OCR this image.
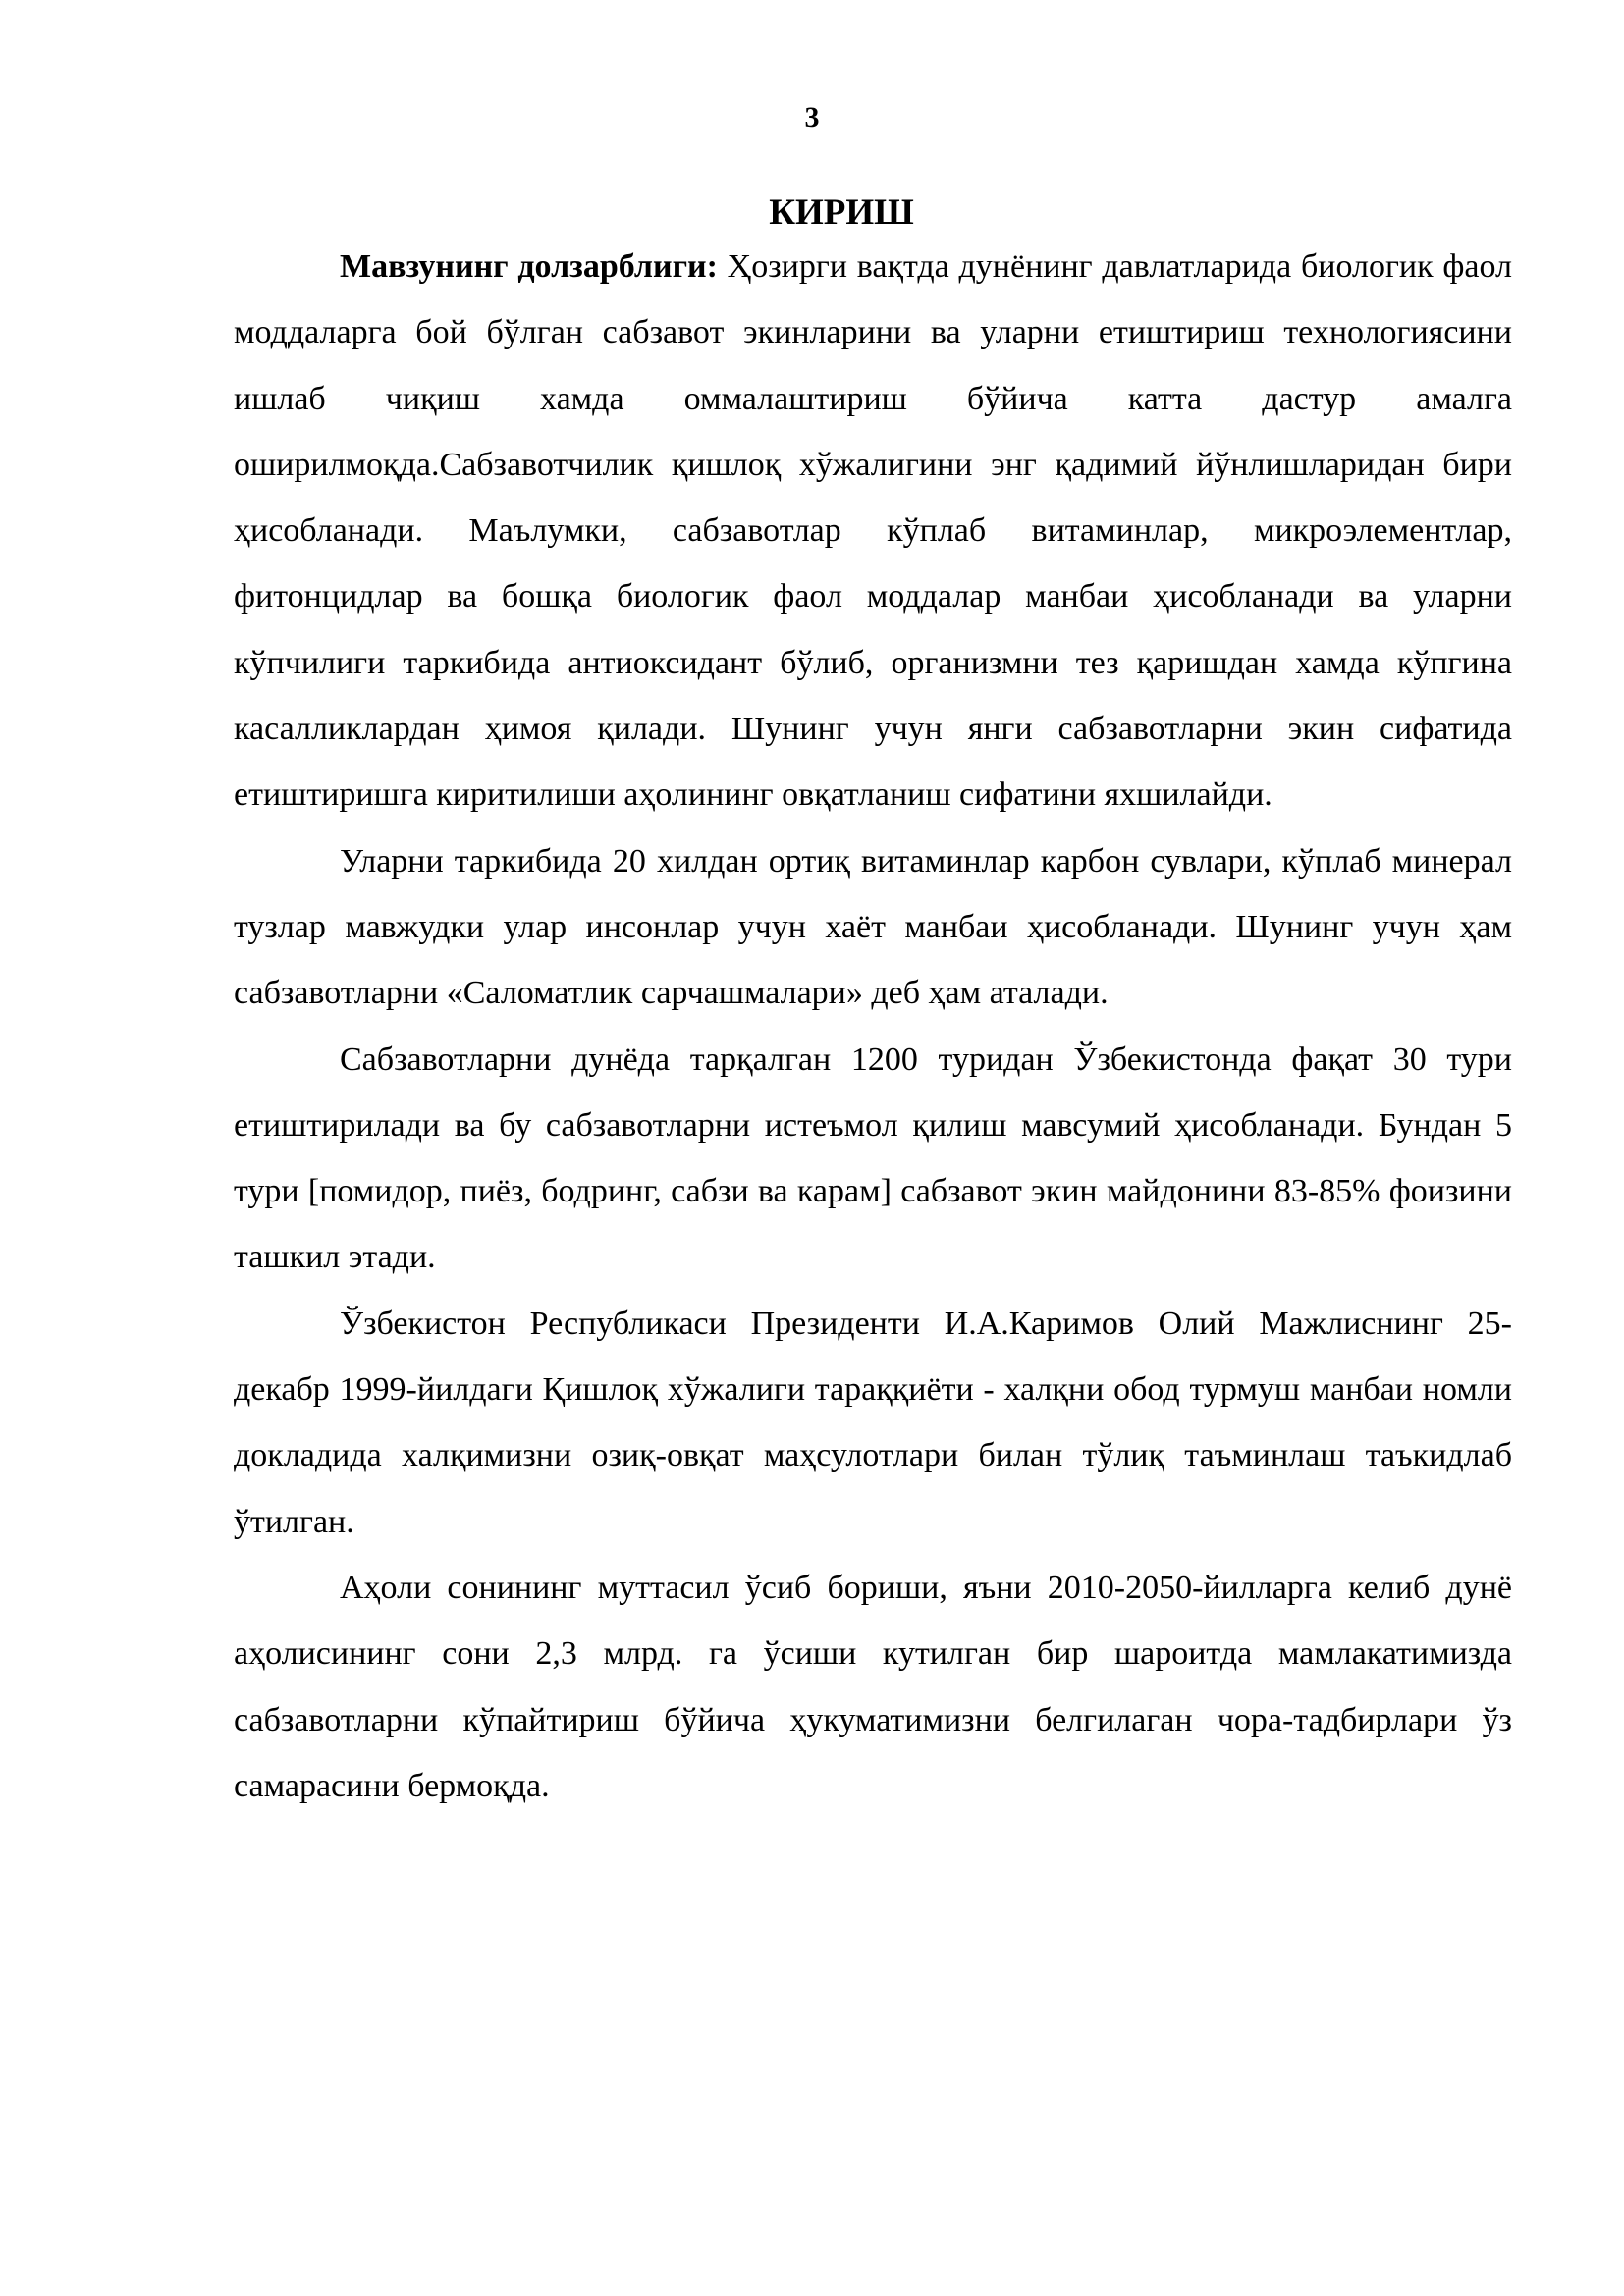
3
КИРИШ

Мавзунинг долзарблиги: Ҳозирги вақтда дунёнинг давлатларида биологик фаол моддаларга бой бўлган сабзавот экинларини ва уларни етиштириш технологиясини ишлаб чиқиш хамда оммалаштириш бўйича катта дастур амалга оширилмоқда.Сабзавотчилик қишлоқ хўжалигини энг қадимий йўнлишларидан бири ҳисобланади. Маълумки, сабзавотлар кўплаб витаминлар, микроэлементлар, фитонцидлар ва бошқа биологик фаол моддалар манбаи ҳисобланади ва уларни кўпчилиги таркибида антиоксидант бўлиб, организмни тез қаришдан хамда кўпгина касалликлардан ҳимоя қилади. Шунинг учун янги сабзавотларни экин сифатида етиштиришга киритилиши аҳолининг овқатланиш сифатини яхшилайди.

Уларни таркибида 20 хилдан ортиқ витаминлар карбон сувлари, кўплаб минерал тузлар мавжудки улар инсонлар учун хаёт манбаи ҳисобланади. Шунинг учун ҳам сабзавотларни «Саломатлик сарчашмалари» деб ҳам аталади.

Сабзавотларни дунёда тарқалган 1200 туридан Ўзбекистонда фақат 30 тури етиштирилади ва бу сабзавотларни истеъмол қилиш мавсумий ҳисобланади. Бундан 5 тури [помидор, пиёз, бодринг, сабзи ва карам] сабзавот экин майдонини 83-85% фоизини ташкил этади.

Ўзбекистон Республикаси Президенти И.А.Каримов Олий Мажлиснинг 25-декабр 1999-йилдаги Қишлоқ хўжалиги тараққиёти - халқни обод турмуш манбаи номли докладида халқимизни озиқ-овқат маҳсулотлари билан тўлиқ таъминлаш таъкидлаб ўтилган.

Аҳоли сонининг муттасил ўсиб бориши, яъни 2010-2050-йилларга келиб дунё аҳолисининг сони 2,3 млрд. га ўсиши кутилган бир шароитда мамлакатимизда сабзавотларни кўпайтириш бўйича ҳукуматимизни белгилаган чора-тадбирлари ўз самарасини бермоқда.
